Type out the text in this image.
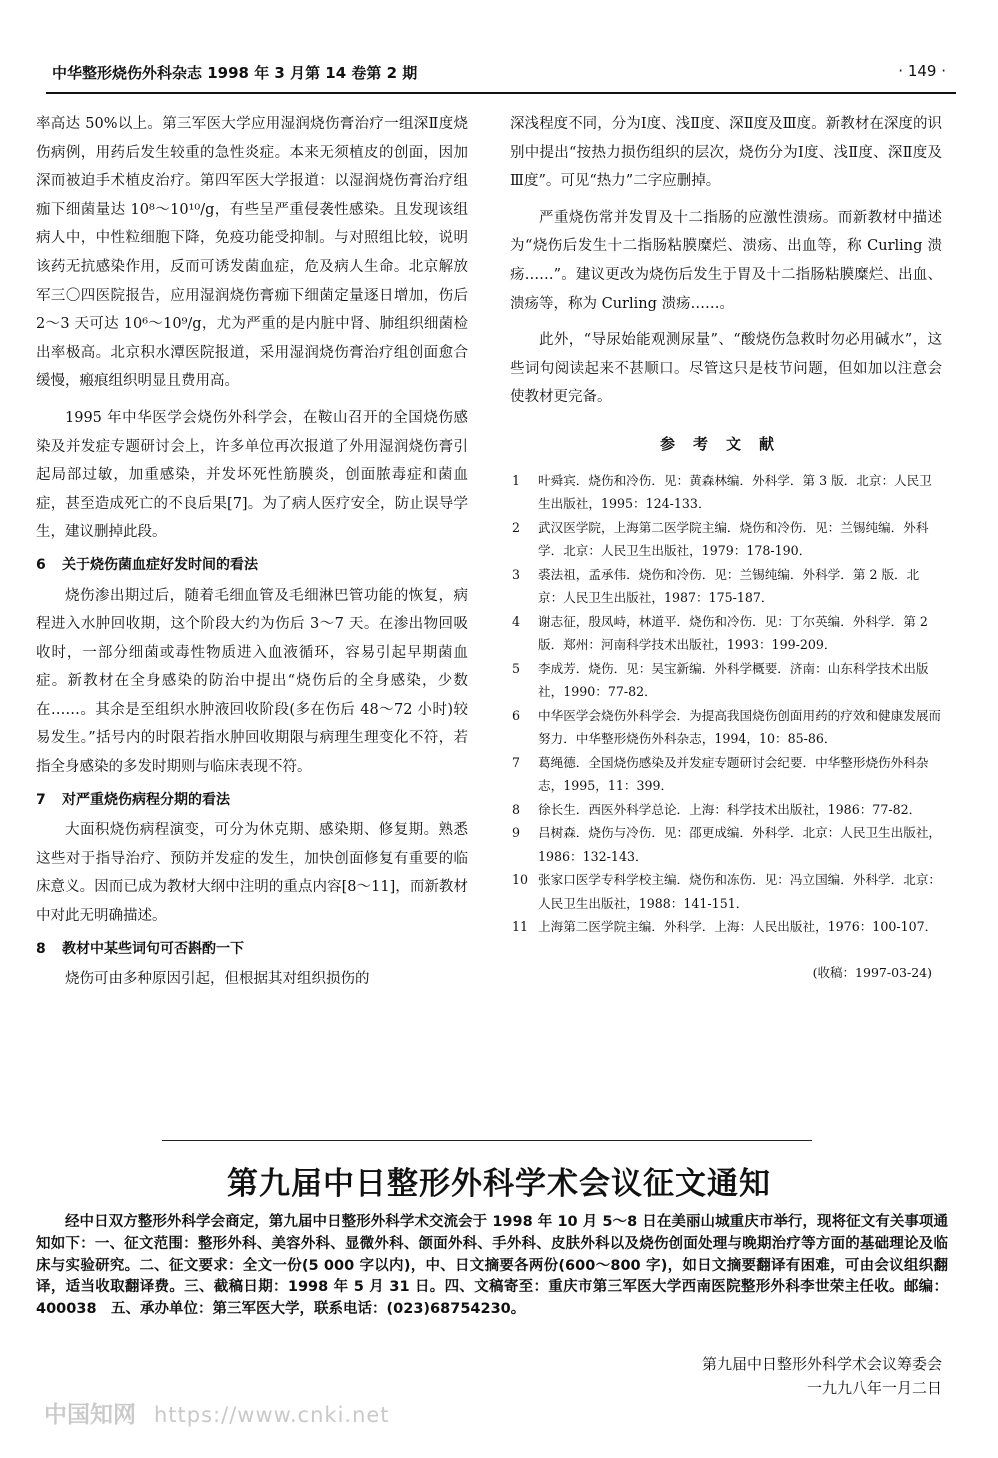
中华整形烧伤外科杂志 1998 年 3 月第 14 卷第 2 期	· 149 ·

率高达 50%以上。第三军医大学应用湿润烧伤膏治疗一组深Ⅱ度烧伤病例，用药后发生较重的急性炎症。本来无须植皮的创面，因加深而被迫手术植皮治疗。第四军医大学报道：以湿润烧伤膏治疗组痂下细菌量达 10⁸～10¹⁰/g，有些呈严重侵袭性感染。且发现该组病人中，中性粒细胞下降，免疫功能受抑制。与对照组比较，说明该药无抗感染作用，反而可诱发菌血症，危及病人生命。北京解放军三〇四医院报告，应用湿润烧伤膏痂下细菌定量逐日增加，伤后 2～3 天可达 10⁶～10⁹/g，尤为严重的是内脏中肾、肺组织细菌检出率极高。北京积水潭医院报道，采用湿润烧伤膏治疗组创面愈合缓慢，瘢痕组织明显且费用高。

1995 年中华医学会烧伤外科学会，在鞍山召开的全国烧伤感染及并发症专题研讨会上，许多单位再次报道了外用湿润烧伤膏引起局部过敏，加重感染，并发坏死性筋膜炎，创面脓毒症和菌血症，甚至造成死亡的不良后果[7]。为了病人医疗安全，防止误导学生，建议删掉此段。

6 关于烧伤菌血症好发时间的看法

烧伤渗出期过后，随着毛细血管及毛细淋巴管功能的恢复，病程进入水肿回收期，这个阶段大约为伤后 3～7 天。在渗出物回吸收时，一部分细菌或毒性物质进入血液循环，容易引起早期菌血症。新教材在全身感染的防治中提出“烧伤后的全身感染，少数在……。其余是至组织水肿液回收阶段(多在伤后 48～72 小时)较易发生。”括号内的时限若指水肿回收期限与病理生理变化不符，若指全身感染的多发时期则与临床表现不符。

7 对严重烧伤病程分期的看法

大面积烧伤病程演变，可分为休克期、感染期、修复期。熟悉这些对于指导治疗、预防并发症的发生，加快创面修复有重要的临床意义。因而已成为教材大纲中注明的重点内容[8～11]，而新教材中对此无明确描述。

8 教材中某些词句可否斟酌一下

烧伤可由多种原因引起，但根据其对组织损伤的

深浅程度不同，分为Ⅰ度、浅Ⅱ度、深Ⅱ度及Ⅲ度。新教材在深度的识别中提出“按热力损伤组织的层次，烧伤分为Ⅰ度、浅Ⅱ度、深Ⅱ度及Ⅲ度”。可见“热力”二字应删掉。

严重烧伤常并发胃及十二指肠的应激性溃疡。而新教材中描述为“烧伤后发生十二指肠粘膜糜烂、溃疡、出血等，称 Curling 溃疡……”。建议更改为烧伤后发生于胃及十二指肠粘膜糜烂、出血、溃疡等，称为 Curling 溃疡……。

此外，“导尿始能观测尿量”、“酸烧伤急救时勿必用碱水”，这些词句阅读起来不甚顺口。尽管这只是枝节问题，但如加以注意会使教材更完备。

参考文献
1	叶舜宾．烧伤和冷伤．见：黄森林编．外科学．第 3 版．北京：人民卫生出版社，1995：124-133．
2	武汉医学院，上海第二医学院主编．烧伤和冷伤．见：兰锡纯编．外科学．北京：人民卫生出版社，1979：178-190．
3	裘法祖，孟承伟．烧伤和冷伤．见：兰锡纯编．外科学．第 2 版．北京：人民卫生出版社，1987：175-187．
4	谢志征，殷凤峙，林道平．烧伤和冷伤．见：丁尔英编．外科学．第 2 版．郑州：河南科学技术出版社，1993：199-209．
5	李成芳．烧伤．见：吴宝新编．外科学概要．济南：山东科学技术出版社，1990：77-82．
6	中华医学会烧伤外科学会．为提高我国烧伤创面用药的疗效和健康发展而努力．中华整形烧伤外科杂志，1994，10：85-86．
7	葛绳德．全国烧伤感染及并发症专题研讨会纪要．中华整形烧伤外科杂志，1995，11：399．
8	徐长生．西医外科学总论．上海：科学技术出版社，1986：77-82．
9	吕树森．烧伤与冷伤．见：邵更成编．外科学．北京：人民卫生出版社，1986：132-143．
10 张家口医学专科学校主编．烧伤和冻伤．见：冯立国编．外科学．北京：人民卫生出版社，1988：141-151．
11 上海第二医学院主编．外科学．上海：人民出版社，1976：100-107．
(收稿：1997-03-24)
第九届中日整形外科学术会议征文通知

经中日双方整形外科学会商定，第九届中日整形外科学术交流会于 1998 年 10 月 5～8 日在美丽山城重庆市举行，现将征文有关事项通知如下：一、征文范围：整形外科、美容外科、显微外科、颌面外科、手外科、皮肤外科以及烧伤创面处理与晚期治疗等方面的基础理论及临床与实验研究。二、征文要求：全文一份(5 000 字以内)，中、日文摘要各两份(600～800 字)，如日文摘要翻译有困难，可由会议组织翻译，适当收取翻译费。三、截稿日期：1998 年 5 月 31 日。四、文稿寄至：重庆市第三军医大学西南医院整形外科李世荣主任收。邮编：400038　五、承办单位：第三军医大学，联系电话：(023)68754230。

第九届中日整形外科学术会议筹委会
一九九八年一月二日
中国知网 https://www.cnki.net
